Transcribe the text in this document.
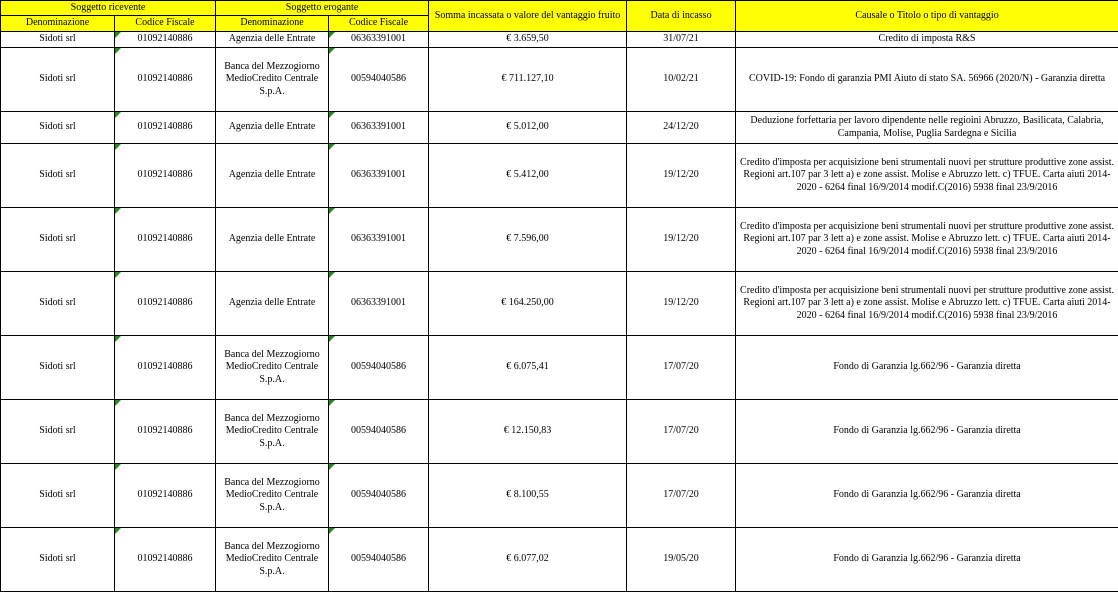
Soggetto ricevente		Soggetto erogante		Somma incassata o valore del vantaggio fruito	Data di incasso	Causale o Titolo o tipo di vantaggio
Denominazione	Codice Fiscale	Denominazione	Codice Fiscale			
Sidoti srl	01092140886	Agenzia delle Entrate	06363391001	€ 3.659,50	31/07/21	Credito di imposta R&S
Sidoti srl	01092140886	Banca del Mezzogiorno MedioCredito Centrale S.p.A.	00594040586	€ 711.127,10	10/02/21	COVID-19: Fondo di garanzia PMI Aiuto di stato SA. 56966 (2020/N) - Garanzia diretta
Sidoti srl	01092140886	Agenzia delle Entrate	06363391001	€ 5.012,00	24/12/20	Deduzione forfettaria per lavoro dipendente nelle regioini Abruzzo, Basilicata, Calabria, Campania, Molise, Puglia Sardegna e Sicilia
Sidoti srl	01092140886	Agenzia delle Entrate	06363391001	€ 5.412,00	19/12/20	Credito d'imposta per acquisizione beni strumentali nuovi per strutture produttive zone assist. Regioni art.107 par 3 lett a) e zone assist. Molise e Abruzzo lett. c) TFUE. Carta aiuti 2014-2020 - 6264 final 16/9/2014 modif.C(2016) 5938 final 23/9/2016
Sidoti srl	01092140886	Agenzia delle Entrate	06363391001	€ 7.596,00	19/12/20	Credito d'imposta per acquisizione beni strumentali nuovi per strutture produttive zone assist. Regioni art.107 par 3 lett a) e zone assist. Molise e Abruzzo lett. c) TFUE. Carta aiuti 2014-2020 - 6264 final 16/9/2014 modif.C(2016) 5938 final 23/9/2016
Sidoti srl	01092140886	Agenzia delle Entrate	06363391001	€ 164.250,00	19/12/20	Credito d'imposta per acquisizione beni strumentali nuovi per strutture produttive zone assist. Regioni art.107 par 3 lett a) e zone assist. Molise e Abruzzo lett. c) TFUE. Carta aiuti 2014-2020 - 6264 final 16/9/2014 modif.C(2016) 5938 final 23/9/2016
Sidoti srl	01092140886	Banca del Mezzogiorno MedioCredito Centrale S.p.A.	00594040586	€ 6.075,41	17/07/20	Fondo di Garanzia lg.662/96 - Garanzia diretta
Sidoti srl	01092140886	Banca del Mezzogiorno MedioCredito Centrale S.p.A.	00594040586	€ 12.150,83	17/07/20	Fondo di Garanzia lg.662/96 - Garanzia diretta
Sidoti srl	01092140886	Banca del Mezzogiorno MedioCredito Centrale S.p.A.	00594040586	€ 8.100,55	17/07/20	Fondo di Garanzia lg.662/96 - Garanzia diretta
Sidoti srl	01092140886	Banca del Mezzogiorno MedioCredito Centrale S.p.A.	00594040586	€ 6.077,02	19/05/20	Fondo di Garanzia lg.662/96 - Garanzia diretta
